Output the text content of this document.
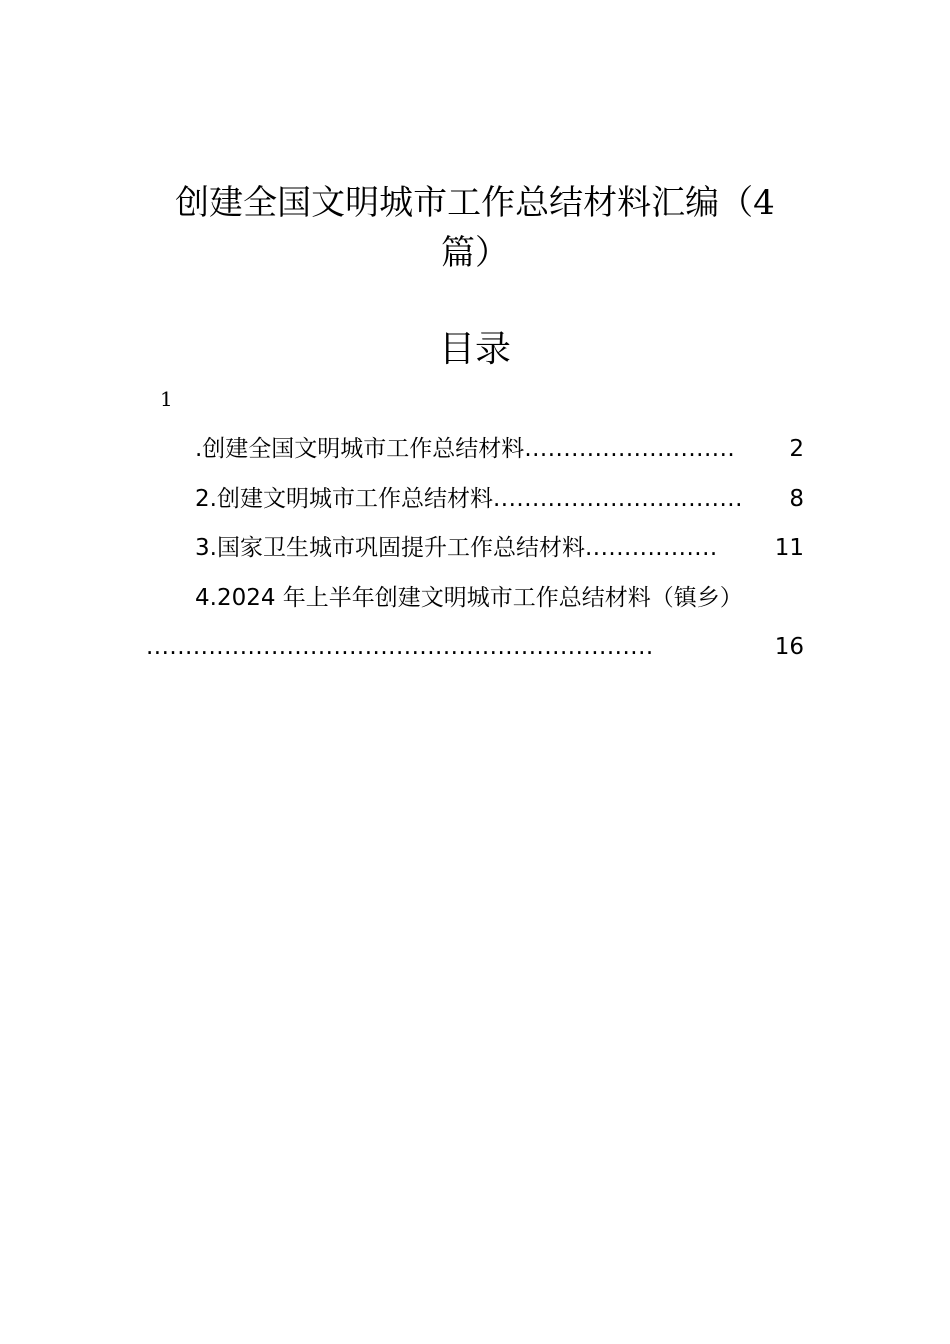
创建全国文明城市工作总结材料汇编（4
篇）
目录
1
.创建全国文明城市工作总结材料 ...........................	2
2.创建文明城市工作总结材料 ................................	8
3.国家卫生城市巩固提升工作总结材料 .................	11
4.2024 年上半年创建文明城市工作总结材料（镇乡）
.................................................................	16
